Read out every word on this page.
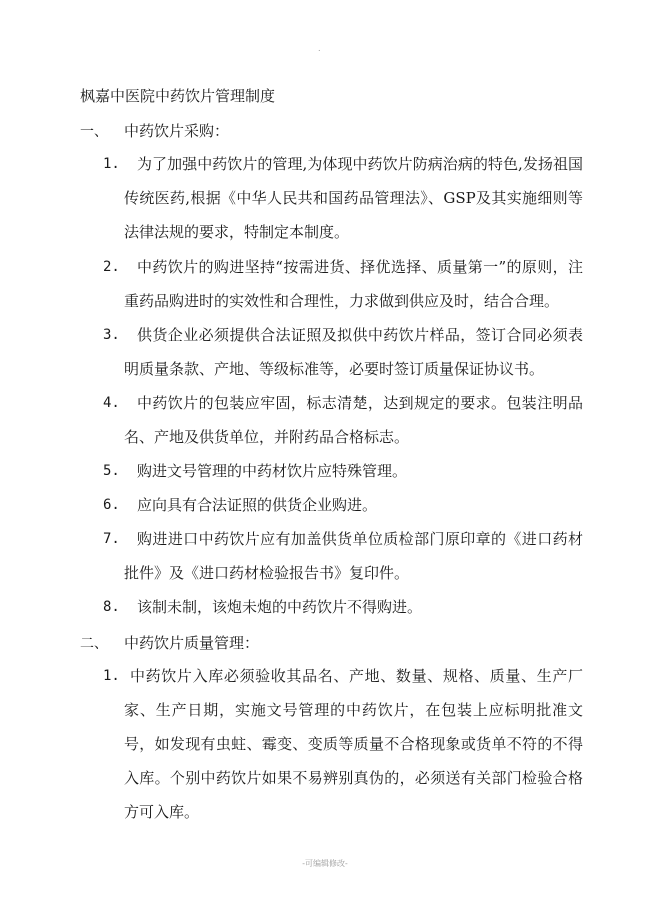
.
枫嘉中医院中药饮片管理制度
一、 中药饮片采购：
1.	为了加强中药饮片的管理,为体现中药饮片防病治病的特色,发扬祖国传统医药,根据《中华人民共和国药品管理法》、GSP及其实施细则等法律法规的要求，特制定本制度。
2.	中药饮片的购进坚持“按需进货、择优选择、质量第一”的原则，注重药品购进时的实效性和合理性，力求做到供应及时，结合合理。
3.	供货企业必须提供合法证照及拟供中药饮片样品，签订合同必须表明质量条款、产地、等级标准等，必要时签订质量保证协议书。
4.	中药饮片的包装应牢固，标志清楚，达到规定的要求。包装注明品名、产地及供货单位，并附药品合格标志。
5.	购进文号管理的中药材饮片应特殊管理。
6.	应向具有合法证照的供货企业购进。
7.	购进进口中药饮片应有加盖供货单位质检部门原印章的《进口药材批件》及《进口药材检验报告书》复印件。
8.	该制未制，该炮未炮的中药饮片不得购进。
二、 中药饮片质量管理：
1. 中药饮片入库必须验收其品名、产地、数量、规格、质量、生产厂家、生产日期，实施文号管理的中药饮片，在包装上应标明批准文号，如发现有虫蛀、霉变、变质等质量不合格现象或货单不符的不得入库。个别中药饮片如果不易辨别真伪的，必须送有关部门检验合格方可入库。
-可编辑修改-
